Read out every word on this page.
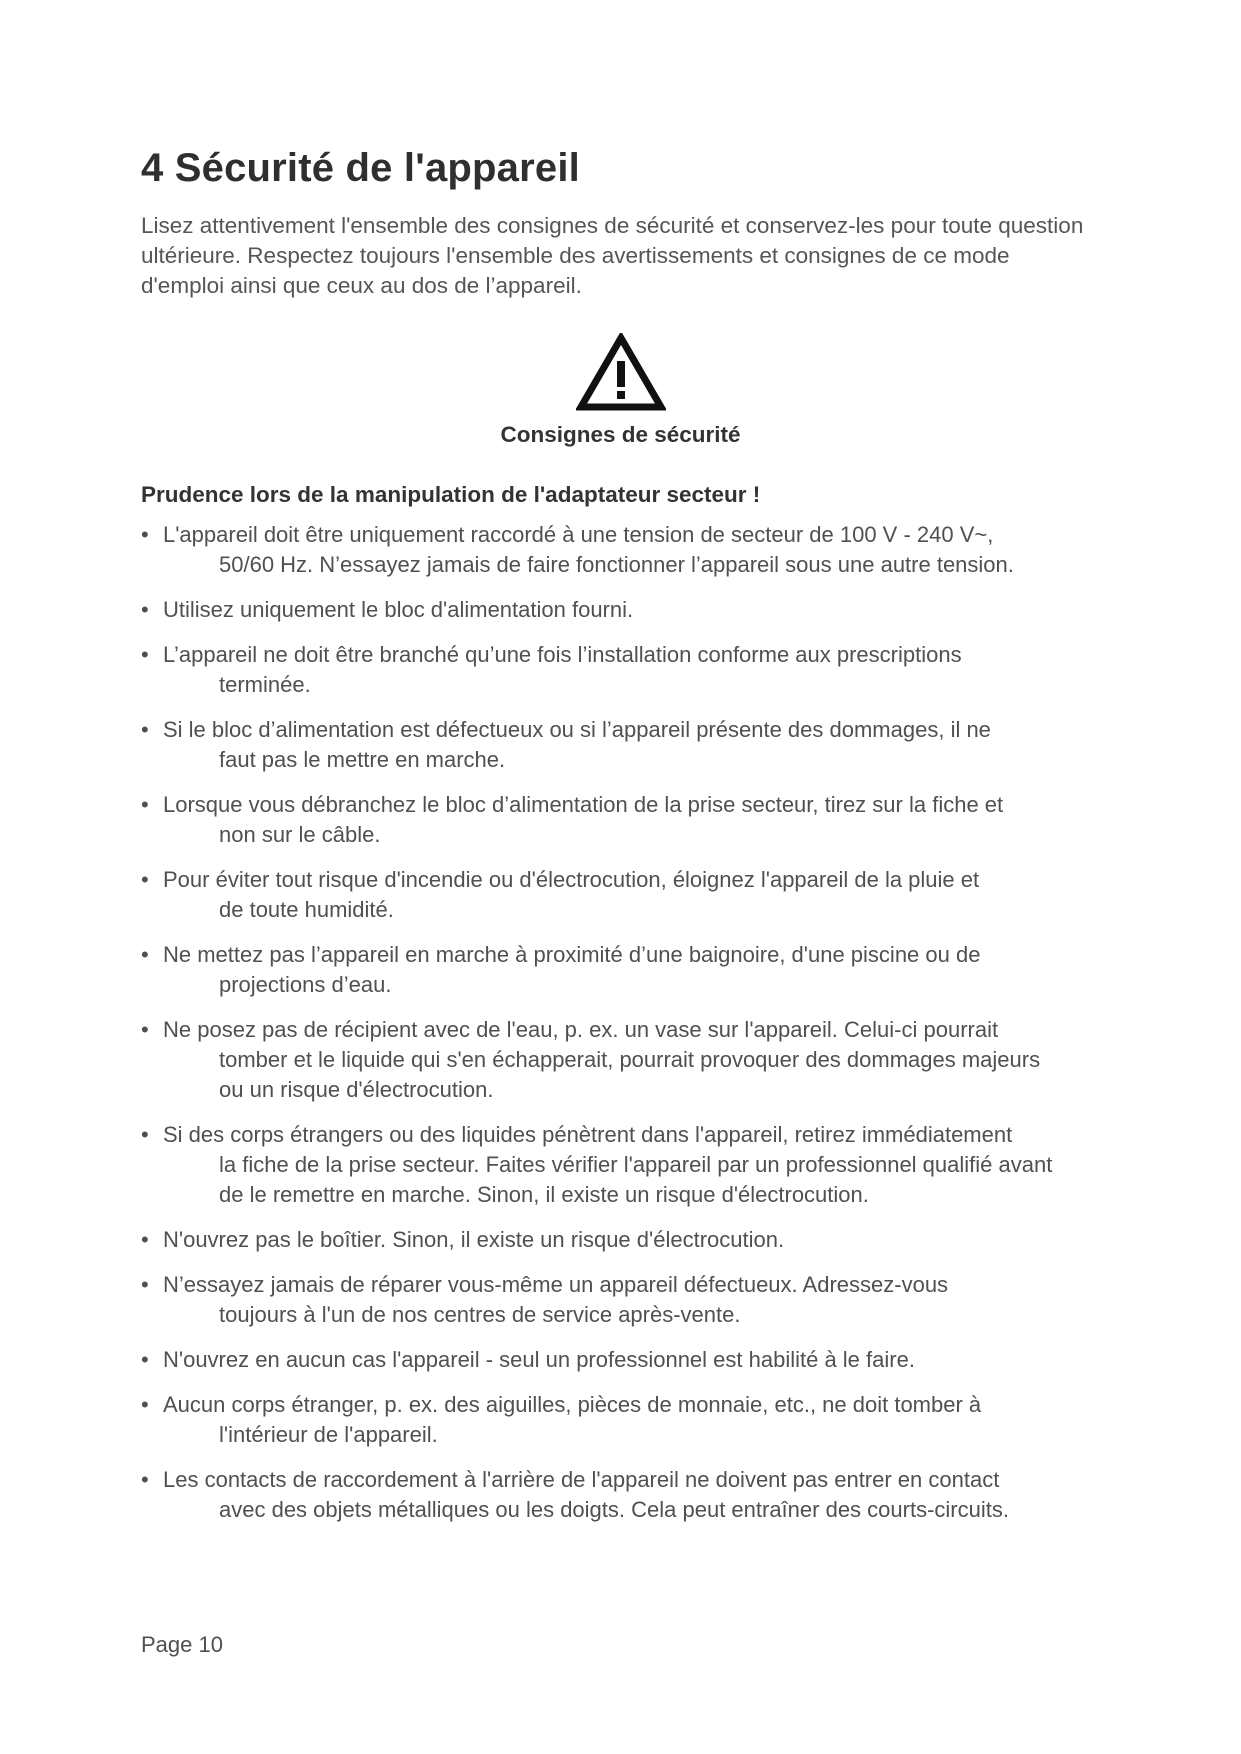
4 Sécurité de l'appareil

Lisez attentivement l'ensemble des consignes de sécurité et conservez-les pour toute question
ultérieure. Respectez toujours l'ensemble des avertissements et consignes de ce mode
d'emploi ainsi que ceux au dos de l’appareil.

Consignes de sécurité

Prudence lors de la manipulation de l'adaptateur secteur !

• L'appareil doit être uniquement raccordé à une tension de secteur de 100 V - 240 V~,
50/60 Hz. N’essayez jamais de faire fonctionner l’appareil sous une autre tension.
• Utilisez uniquement le bloc d'alimentation fourni.
• L’appareil ne doit être branché qu’une fois l’installation conforme aux prescriptions
terminée.
• Si le bloc d’alimentation est défectueux ou si l’appareil présente des dommages, il ne
faut pas le mettre en marche.
• Lorsque vous débranchez le bloc d’alimentation de la prise secteur, tirez sur la fiche et
non sur le câble.
• Pour éviter tout risque d'incendie ou d'électrocution, éloignez l'appareil de la pluie et
de toute humidité.
• Ne mettez pas l’appareil en marche à proximité d’une baignoire, d'une piscine ou de
projections d’eau.
• Ne posez pas de récipient avec de l'eau, p. ex. un vase sur l'appareil. Celui-ci pourrait
tomber et le liquide qui s'en échapperait, pourrait provoquer des dommages majeurs
ou un risque d'électrocution.
• Si des corps étrangers ou des liquides pénètrent dans l'appareil, retirez immédiatement
la fiche de la prise secteur. Faites vérifier l'appareil par un professionnel qualifié avant
de le remettre en marche. Sinon, il existe un risque d'électrocution.
• N'ouvrez pas le boîtier. Sinon, il existe un risque d'électrocution.
• N’essayez jamais de réparer vous-même un appareil défectueux. Adressez-vous
toujours à l'un de nos centres de service après-vente.
• N'ouvrez en aucun cas l'appareil - seul un professionnel est habilité à le faire.
• Aucun corps étranger, p. ex. des aiguilles, pièces de monnaie, etc., ne doit tomber à
l'intérieur de l'appareil.
• Les contacts de raccordement à l'arrière de l'appareil ne doivent pas entrer en contact
avec des objets métalliques ou les doigts. Cela peut entraîner des courts-circuits.

Page 10
